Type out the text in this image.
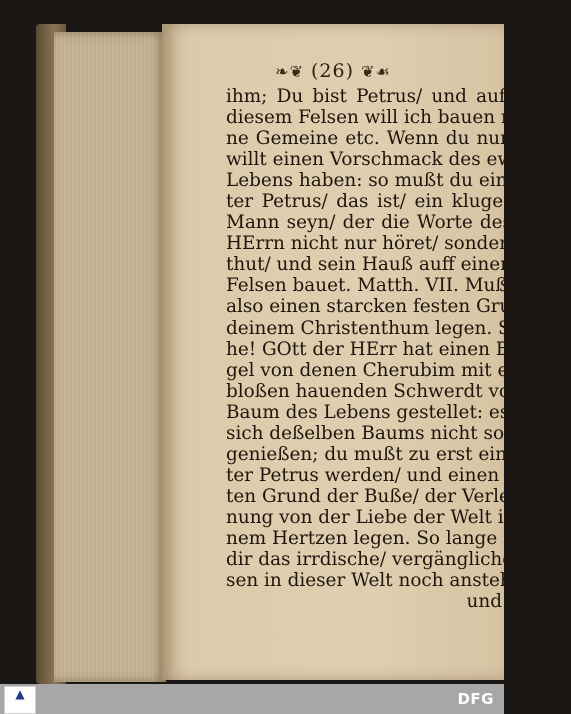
❧❦ (26) ❦☙
ihm; Du bist Petrus/ und auff
diesem Felsen will ich bauen mei-
ne Gemeine etc. Wenn du nun
willt einen Vorschmack des ewigen
Lebens haben: so mußt du ein rech-
ter Petrus/ das ist/ ein kluger
Mann seyn/ der die Worte des
HErrn nicht nur höret/ sondern auch
thut/ und sein Hauß auff einen
Felsen bauet. Matth. VII. Mußt
also einen starcken festen Grund in
deinem Christenthum legen. Sie-
he! GOtt der HErr hat einen En-
gel von denen Cherubim mit einem
bloßen hauenden Schwerdt vor den
Baum des Lebens gestellet: es läßt
sich deßelben Baums nicht so leicht
genießen; du mußt zu erst ein rech-
ter Petrus werden/ und einen rech-
ten Grund der Buße/ der Verleug-
nung von der Liebe der Welt in dei-
nem Hertzen legen. So lange als
dir das irrdische/ vergängliche We-
sen in dieser Welt noch anstehet/
und
▲	DFG
